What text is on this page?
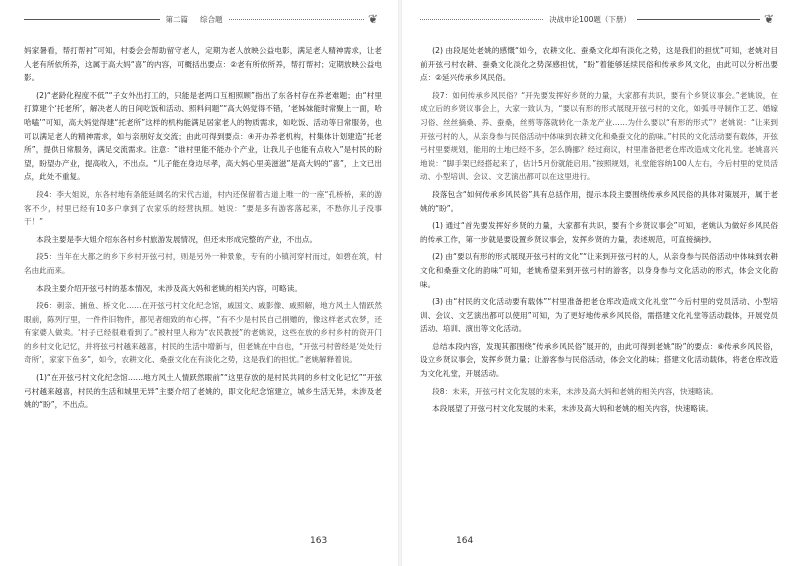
第二篇	综合题	❦

妈家暑看，帮打帮衬”可知，村委会会帮助留守老人，定期为老人放映公益电影，满足老人精神需求，让老人老有所依所养，这属于高大妈“喜”的内容，可概括出要点：②老有所依所养，帮打帮衬；定期放映公益电影。

(2)“老龄化程度不低”“子女外出打工的，只能是老两口互相照顾”指出了东各村存在养老难题；由“村里打算建个‘托老所’，解决老人的日间吃饭和活动、照料问题”“高大妈觉得不错，‘老姊妹能时常聚上一面，哈哈嗑’”可知，高大妈觉得建“托老所”这样的机构能满足居家老人的物质需求，如吃饭、活动等日常服务，也可以满足老人的精神需求，如与亲朋好友交流；由此可得到要点：④开办养老机构，村集体计划建造“托老所”，提供日常服务，满足交流需求。注意：“谁村里能不能办个产业，让我儿子也能有点收入”是村民的盼望，盼望办产业，提高收入，不出点。“儿子能在身边尽孝，高大妈心里美滋滋”是高大妈的“喜”，上文已出点，此处不重复。

段4：李大姐说，东各村地有条能延阔名的宋代古道，村内还保留着古道上唯一的一座“孔桥桥，来的游客不少，村里已经有10多户拿到了农家乐的经营执照。她说：“要是多有游客落起来，不愁你儿子没事干！”

本段主要是李大姐介绍东各村乡村旅游发展情况，但还未形成完整的产业，不出点。

段5：当年在大都之的乡下乡村开弦弓村，则是另外一种景象，专有的小镇河穿村而过，如碧在筑，村名由此而来。

本段主要介绍开弦弓村的基本情况，未涉及高大妈和老姚的相关内容，可略读。

段6：刺亲、捕鱼、桥文化……在开弦弓村文化纪念馆，戚国文、戚影像、戚照解，地方风土人情跃然眼前，陈列厅里，一件件旧物件，都见者细致的布心挥，“有不少是村民自己捐赠的，像这样老式农梦，还有家婆人做卖。‘村子已经很难看到了。”被村里人称为“农民教授”的老姚说，这些在放的乡村乡村的资开门的乡村文化记忆，并将弦弓村越来越喜，村民的生活中增新与，但老姚在中自也，“开弦弓村曾经是‘处处行奇所’，家家下鱼多”，如今，农耕文化、桑蚕文化在有淡化之势，这是我们的担忧。”老姚解释着说。

(1)“在开弦弓村文化纪念馆……地方风土人情跃然眼前”“这里存放的是村民共同的乡村文化记忆”“开弦弓村越来越喜，村民的生活和城里无异”主要介绍了老姚的，即文化纪念馆建立，城乡生活无异，未涉及老姚的“盼”，不出点。

163
决战申论100题（下册）	❦

(2) 由段尾处老姚的感慨“如今，农耕文化、蚕桑文化却有淡化之势，这是我们的担忧”可知，老姚对目前开弦弓村农耕、蚕桑文化淡化之势深感担忧，“盼”着能够延续民俗和传承乡风文化，由此可以分析出要点：②延兴传承乡风民俗。

段7：如何传承乡风民俗？“开先要发挥好乡贤的力量，大家都有共识，要有个乡贤议事会。”老姚说，在成立后的乡贤议事会上，大家一致认为，“要以有形的形式展现开弦弓村的文化，如弧寻寻制作工艺、婚嫁习俗、丝丝摘桑、养、蚕桑，丝剪等落就转化一条龙产业……为什么要以“有形的形式”？老姚说：“让来到开弦弓村的人，从亲身参与民俗活动中体味到农耕文化和桑蚕文化的韵味。”村民的文化活动要有载体，开弦弓村里要规划，能用的土地已经不多，怎么腾挪？经过商议，村里准备把老仓库改造成文化礼堂。老姚喜兴地说：“脚手架已经搭起来了，估计5月份就能启用。”按照规划，礼堂能容纳100人左右，今后村里的党员活动、小型培训、会议、文艺演出都可以在这里进行。

段落包含“如何传承乡风民俗”具有总括作用，提示本段主要围绕传承乡风民俗的具体对策展开，属于老姚的“盼”。

(1) 通过“首先要发挥好乡贤的力量，大家都有共识，要有个乡贤议事会”可知，老姚认为做好乡风民俗的传承工作，第一步就是要设置乡贤议事会，发挥乡贤的力量，表述规范，可直接摘抄。

(2) 由“要以有形的形式展现开弦弓村的文化”“让来到开弦弓村的人，从亲身参与民俗活动中体味到农耕文化和桑蚕文化的韵味”可知，老姚希望来到开弦弓村的游客，以身身参与文化活动的形式，体会文化韵味。

(3) 由“村民的文化活动要有载体”“村里准备把老仓库改造成文化礼堂”“今后村里的党员活动、小型培训、会议、文艺演出都可以使用”可知，为了更好地传承乡风民俗，需搭建文化礼堂等活动载体，开展党员活动、培训、演出等文化活动。

总结本段内容，发现其都围绕“传承乡风民俗”展开的，由此可得到老姚“盼”的要点：⑥传承乡风民俗，设立乡贤议事会，发挥乡贤力量；让游客参与民俗活动，体会文化韵味；搭建文化活动载体，将老仓库改造为文化礼堂，开展活动。

段8：未来，开弦弓村文化发展的未来，未涉及高大妈和老姚的相关内容，快速略读。

本段展望了开弦弓村文化发展的未来，未涉及高大妈和老姚的相关内容，快速略读。

164
